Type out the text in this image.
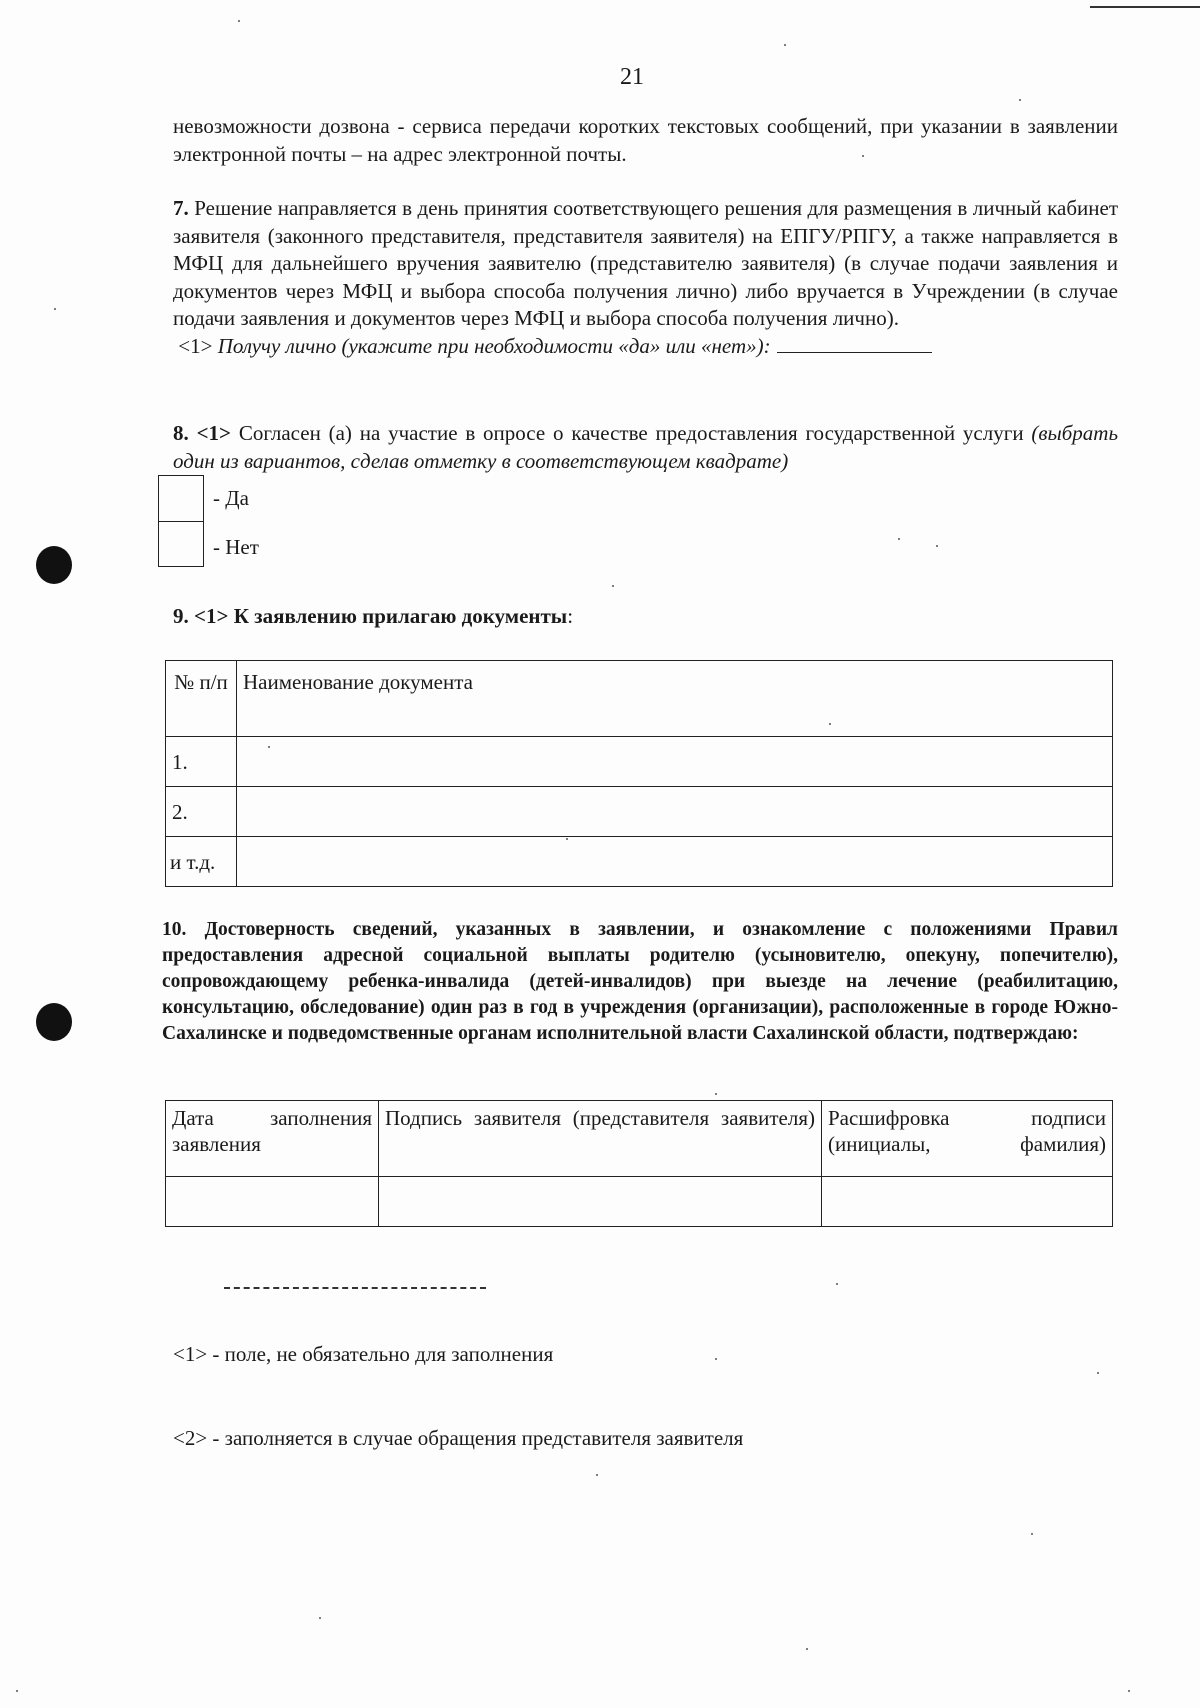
21

невозможности дозвона - сервиса передачи коротких текстовых сообщений, при указании в заявлении электронной почты – на адрес электронной почты.

7. Решение направляется в день принятия соответствующего решения для размещения в личный кабинет заявителя (законного представителя, представителя заявителя) на ЕПГУ/РПГУ, а также направляется в МФЦ для дальнейшего вручения заявителю (представителю заявителя) (в случае подачи заявления и документов через МФЦ и выбора способа получения лично) либо вручается в Учреждении (в случае подачи заявления и документов через МФЦ и выбора способа получения лично).

<1> Получу лично (укажите при необходимости «да» или «нет»):

8. <1> Согласен (а) на участие в опросе о качестве предоставления государственной услуги (выбрать один из вариантов, сделав отметку в соответствующем квадрате)

- Да
- Нет

9. <1> К заявлению прилагаю документы:

№ п/п	Наименование документа
1.	
2.	
и т.д.	

10. Достоверность сведений, указанных в заявлении, и ознакомление с положениями Правил предоставления адресной социальной выплаты родителю (усыновителю, опекуну, попечителю), сопровождающему ребенка-инвалида (детей-инвалидов) при выезде на лечение (реабилитацию, консультацию, обследование) один раз в год в учреждения (организации), расположенные в городе Южно-Сахалинске и подведомственные органам исполнительной власти Сахалинской области, подтверждаю:

Дата заполнения заявления	Подпись заявителя (представителя заявителя)	Расшифровка подписи (инициалы, фамилия)

<1> - поле, не обязательно для заполнения
<2> - заполняется в случае обращения представителя заявителя
